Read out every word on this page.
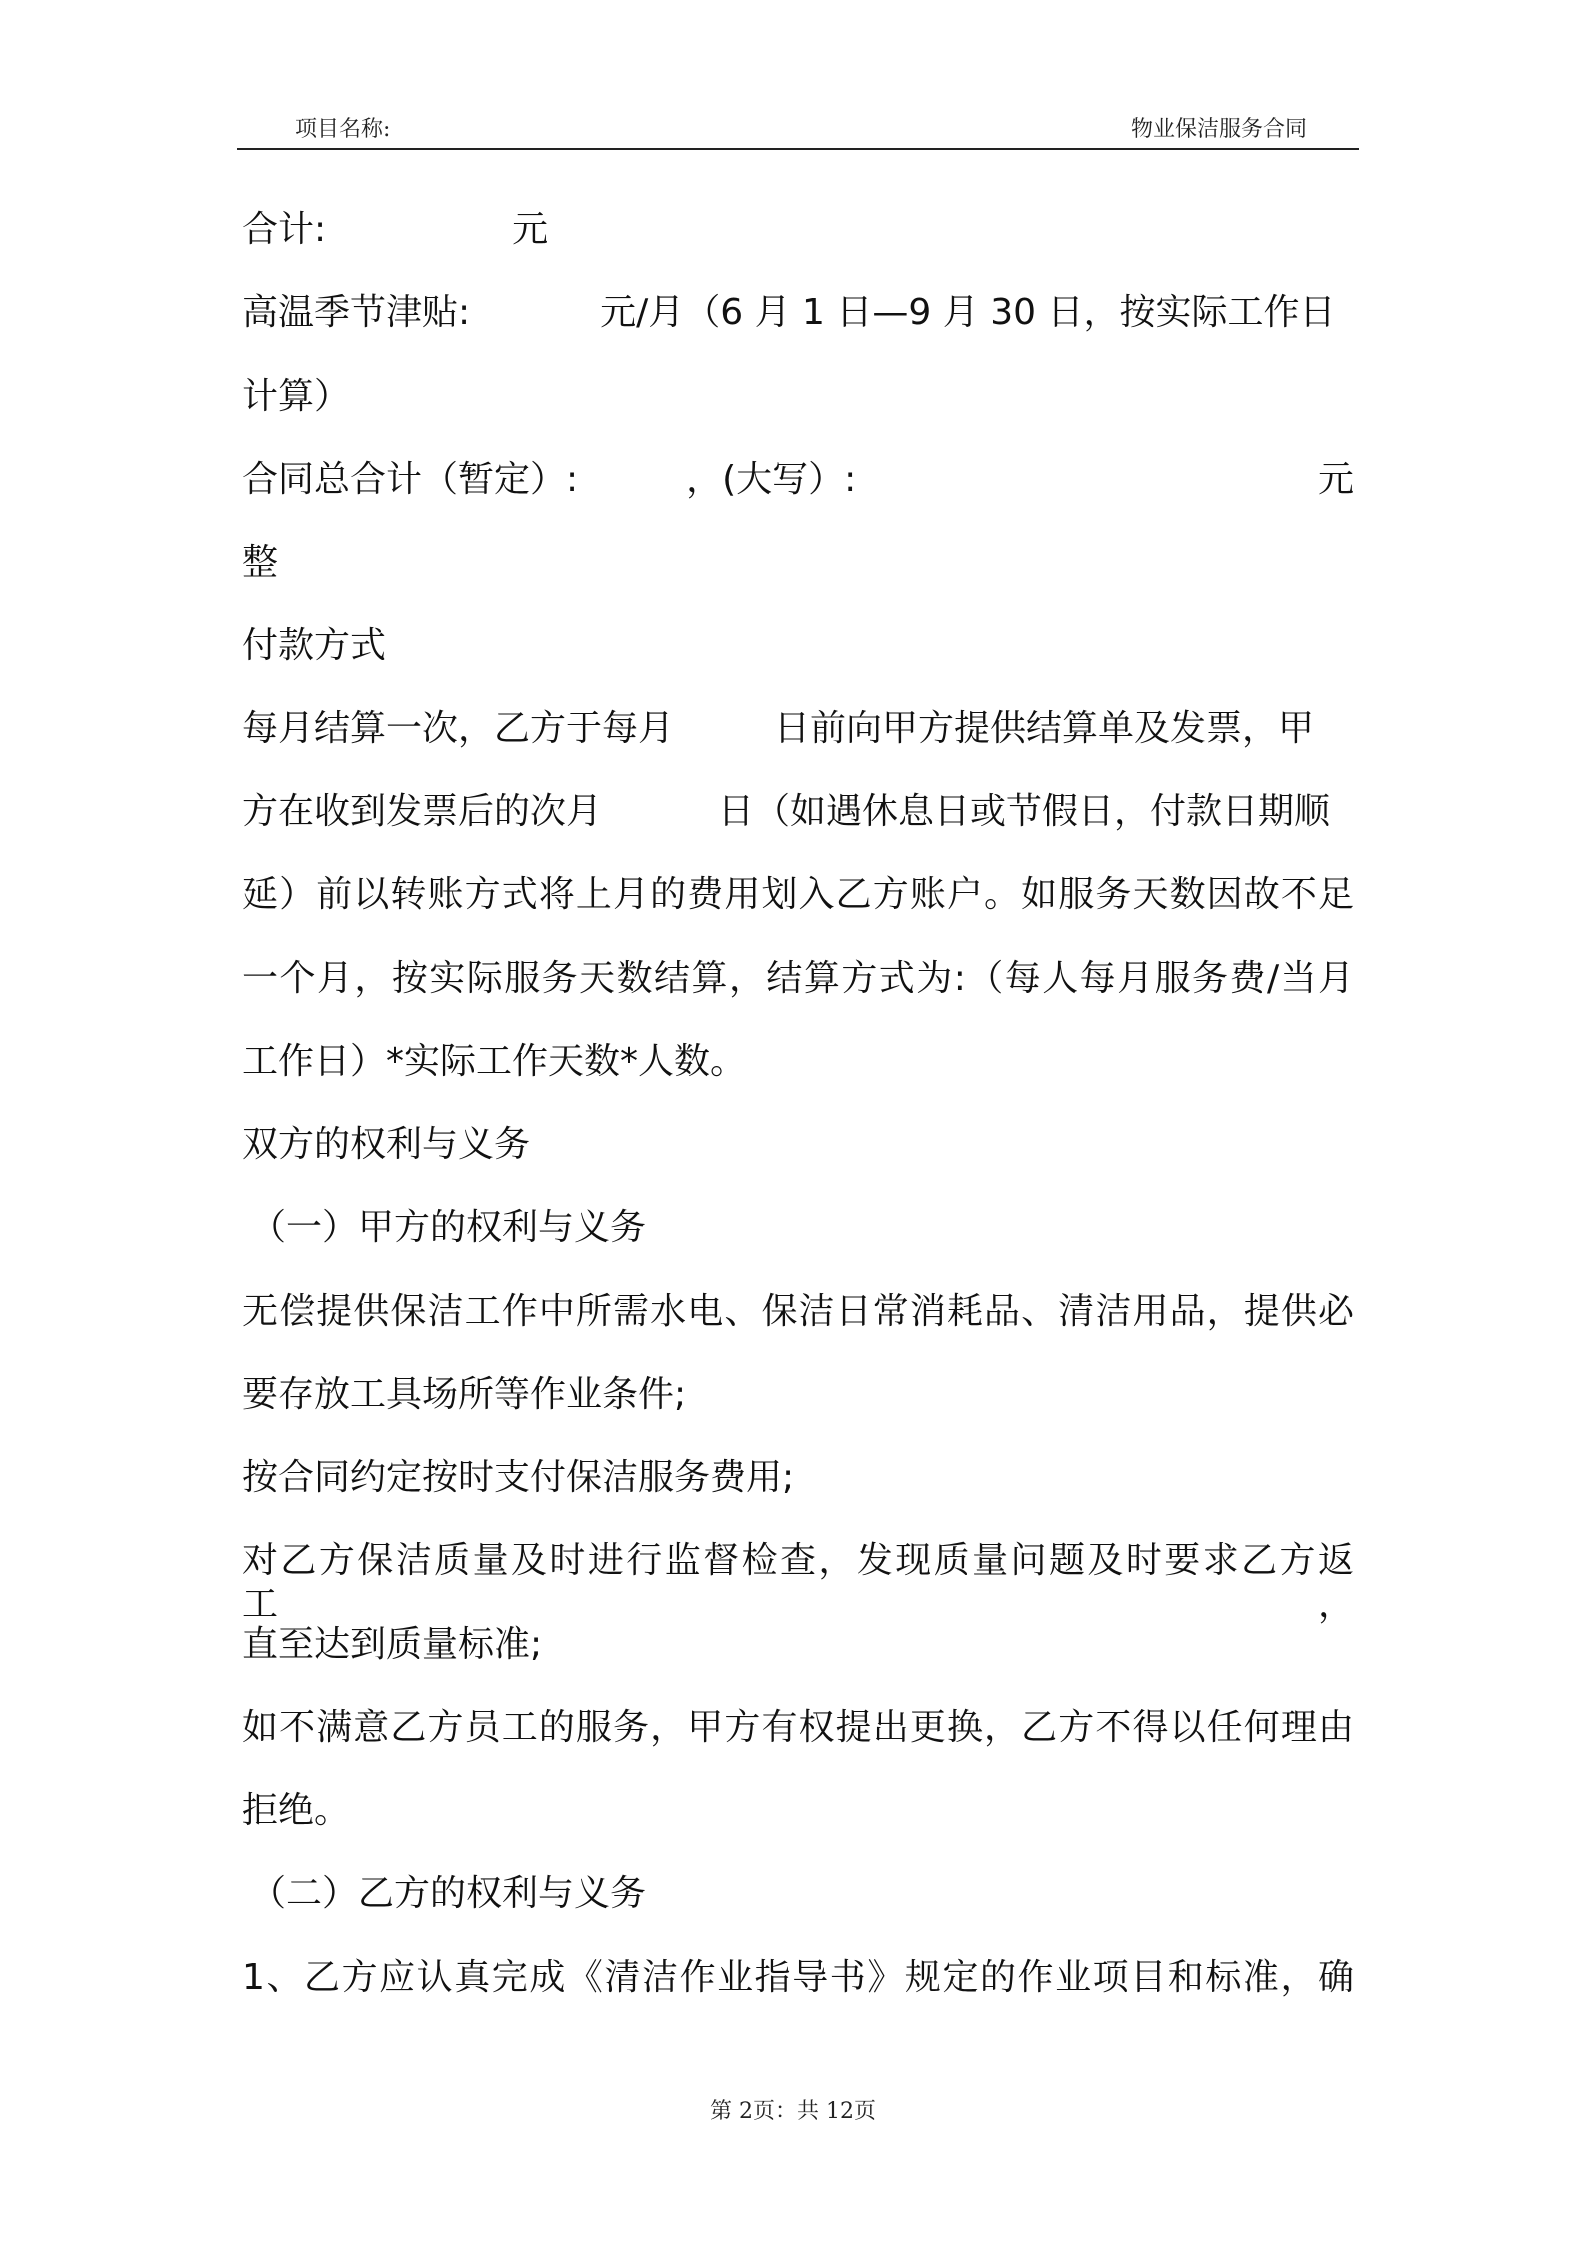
项目名称:	物业保洁服务合同
合计:	元
高温季节津贴:	元/月（6 月 1 日—9 月 30 日，按实际工作日
计算）
合同总合计（暂定）:	，(大写）:	元
整
付款方式
每月结算一次，乙方于每月	日前向甲方提供结算单及发票，甲
方在收到发票后的次月	日（如遇休息日或节假日，付款日期顺
延）前以转账方式将上月的费用划入乙方账户。如服务天数因故不足
一个月，按实际服务天数结算，结算方式为:（每人每月服务费/当月
工作日）*实际工作天数*人数。
双方的权利与义务
（一）甲方的权利与义务
无偿提供保洁工作中所需水电、保洁日常消耗品、清洁用品，提供必
要存放工具场所等作业条件;
按合同约定按时支付保洁服务费用;
对乙方保洁质量及时进行监督检查，发现质量问题及时要求乙方返工，
直至达到质量标准;
如不满意乙方员工的服务，甲方有权提出更换，乙方不得以任何理由
拒绝。
（二）乙方的权利与义务
1、乙方应认真完成《清洁作业指导书》规定的作业项目和标准，确
第 2页：共 12页
